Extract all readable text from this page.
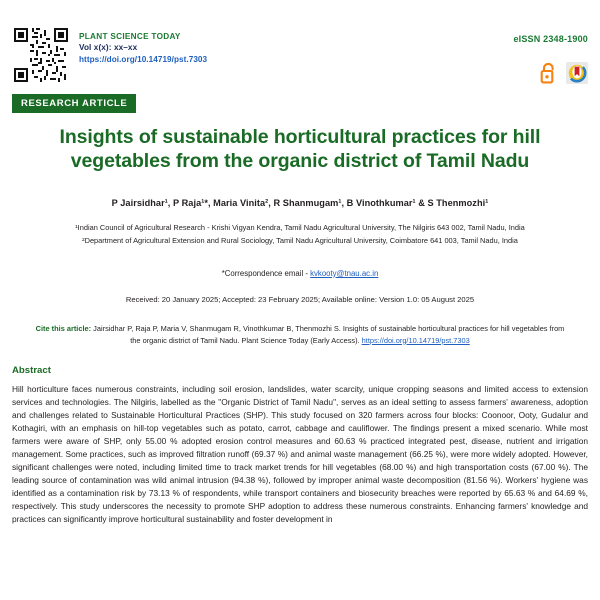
PLANT SCIENCE TODAY
Vol x(x): xx–xx
https://doi.org/10.14719/pst.7303
eISSN 2348-1900
RESEARCH ARTICLE
Insights of sustainable horticultural practices for hill vegetables from the organic district of Tamil Nadu
P Jairsidhar¹, P Raja¹*, Maria Vinita², R Shanmugam¹, B Vinothkumar¹ & S Thenmozhi¹
¹Indian Council of Agricultural Research - Krishi Vigyan Kendra, Tamil Nadu Agricultural University, The Nilgiris 643 002, Tamil Nadu, India
²Department of Agricultural Extension and Rural Sociology, Tamil Nadu Agricultural University, Coimbatore 641 003, Tamil Nadu, India
*Correspondence email - kvkooty@tnau.ac.in
Received: 20 January 2025; Accepted: 23 February 2025; Available online: Version 1.0: 05 August 2025
Cite this article: Jairsidhar P, Raja P, Maria V, Shanmugam R, Vinothkumar B, Thenmozhi S. Insights of sustainable horticultural practices for hill vegetables from the organic district of Tamil Nadu. Plant Science Today (Early Access). https://doi.org/10.14719/pst.7303
Abstract
Hill horticulture faces numerous constraints, including soil erosion, landslides, water scarcity, unique cropping seasons and limited access to extension services and technologies. The Nilgiris, labelled as the "Organic District of Tamil Nadu", serves as an ideal setting to assess farmers' awareness, adoption and challenges related to Sustainable Horticultural Practices (SHP). This study focused on 320 farmers across four blocks: Coonoor, Ooty, Gudalur and Kothagiri, with an emphasis on hill-top vegetables such as potato, carrot, cabbage and cauliflower. The findings present a mixed scenario. While most farmers were aware of SHP, only 55.00 % adopted erosion control measures and 60.63 % practiced integrated pest, disease, nutrient and irrigation management. Some practices, such as improved filtration runoff (69.37 %) and animal waste management (66.25 %), were more widely adopted. However, significant challenges were noted, including limited time to track market trends for hill vegetables (68.00 %) and high transportation costs (67.00 %). The leading source of contamination was wild animal intrusion (94.38 %), followed by improper animal waste decomposition (81.56 %). Workers' hygiene was identified as a contamination risk by 73.13 % of respondents, while transport containers and biosecurity breaches were reported by 65.63 % and 64.69 %, respectively. This study underscores the necessity to promote SHP adoption to address these numerous constraints. Enhancing farmers' knowledge and practices can significantly improve horticultural sustainability and foster development in
